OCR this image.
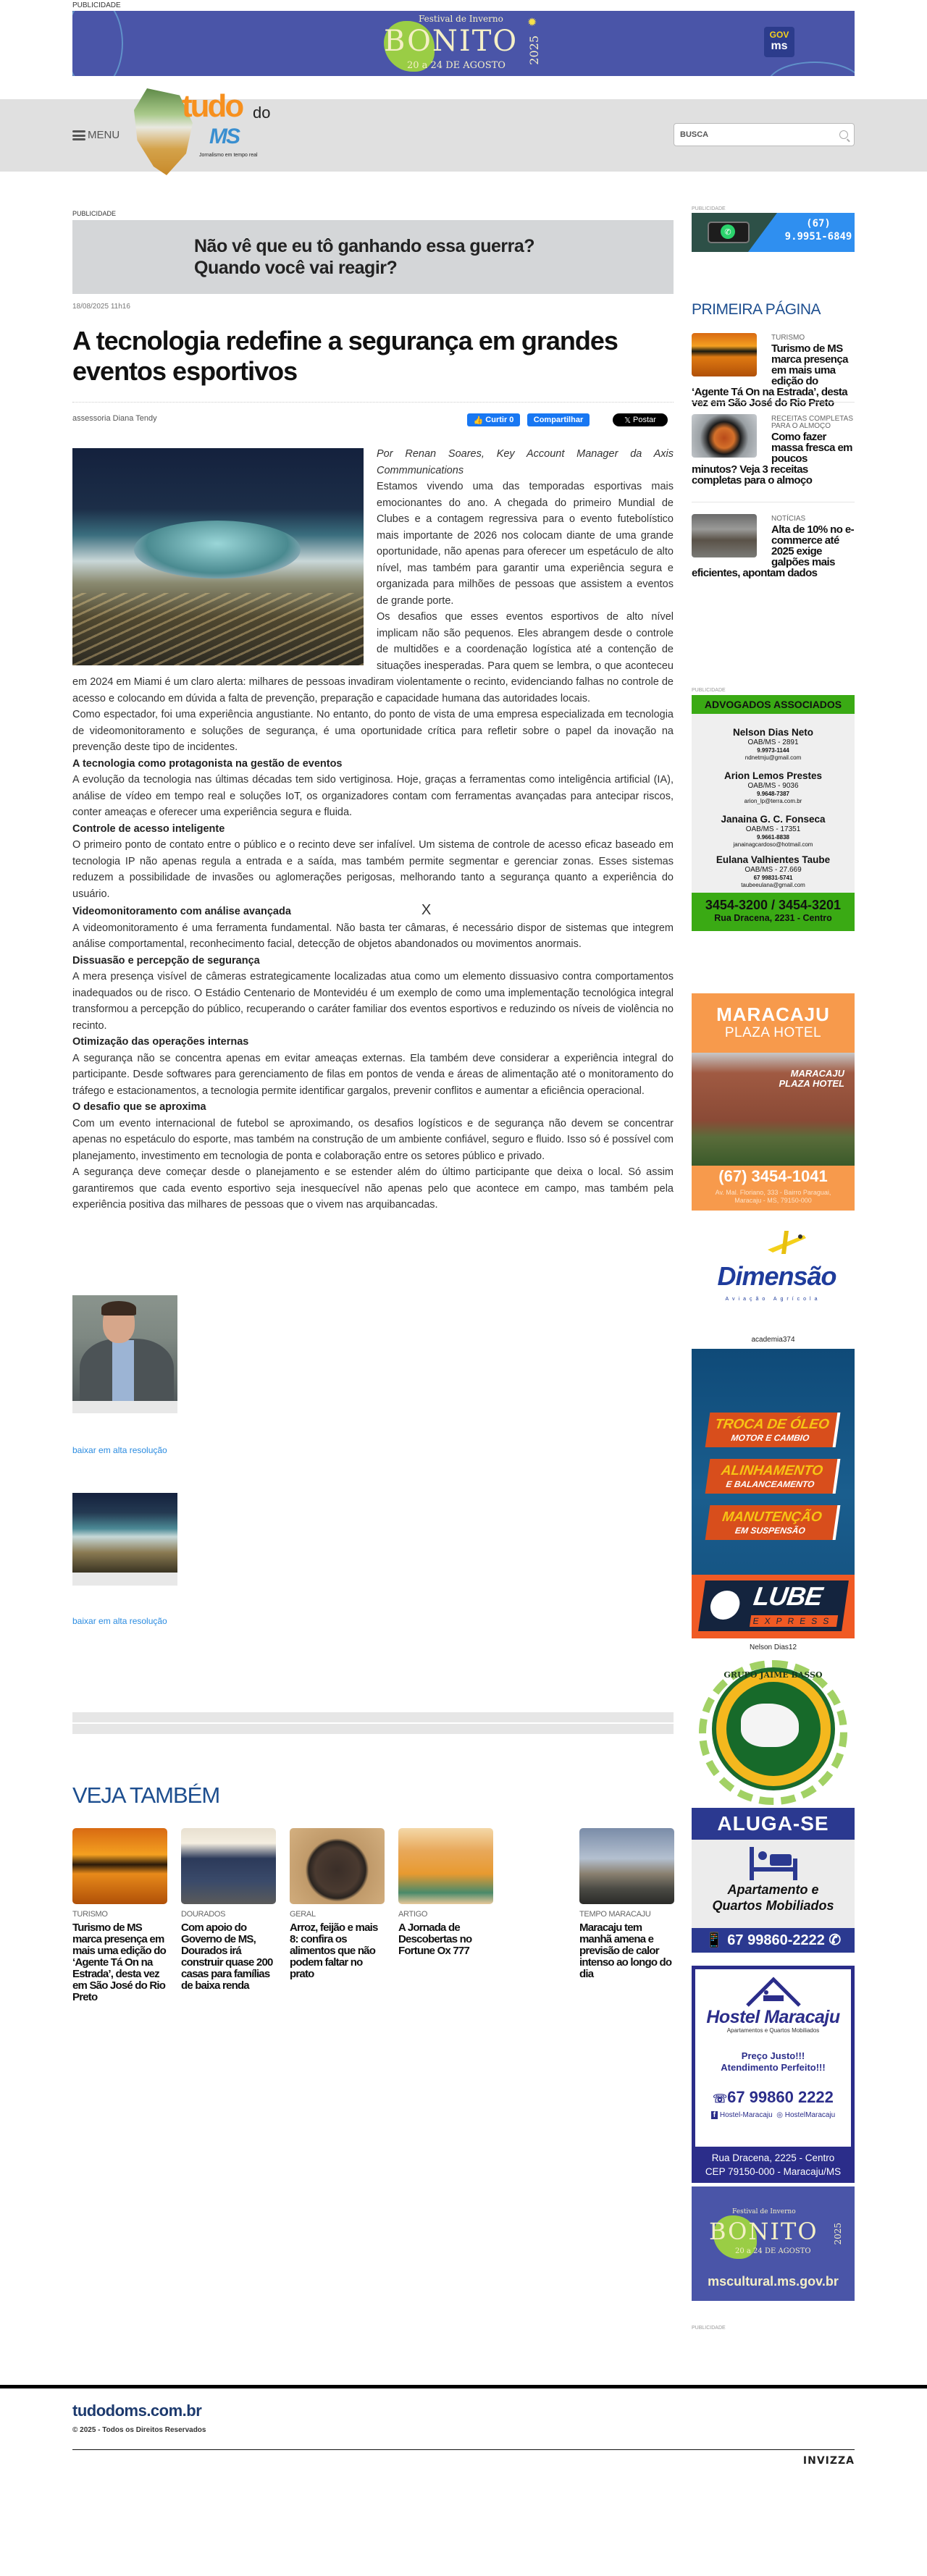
PUBLICIDADE
Festival de Inverno
BONITO
20 a 24 DE AGOSTO
2025
✹
GOV
ms
MENU
tudo do
MS
Jornalismo em tempo real
BUSCA
PUBLICIDADE
Não vê que eu tô ganhando essa guerra?
Quando você vai reagir?
18/08/2025 11h16
A tecnologia redefine a segurança em grandes eventos esportivos
assessoria Diana Tendy	👍 Curtir 0 Compartilhar	𝕏 Postar

Por Renan Soares, Key Account Manager da Axis Commmunications

Estamos vivendo uma das temporadas esportivas mais emocionantes do ano. A chegada do primeiro Mundial de Clubes e a contagem regressiva para o evento futebolístico mais importante de 2026 nos colocam diante de uma grande oportunidade, não apenas para oferecer um espetáculo de alto nível, mas também para garantir uma experiência segura e organizada para milhões de pessoas que assistem a eventos de grande porte.

Os desafios que esses eventos esportivos de alto nível implicam não são pequenos. Eles abrangem desde o controle de multidões e a coordenação logística até a contenção de situações inesperadas. Para quem se lembra, o que aconteceu em 2024 em Miami é um claro alerta: milhares de pessoas invadiram violentamente o recinto, evidenciando falhas no controle de acesso e colocando em dúvida a falta de prevenção, preparação e capacidade humana das autoridades locais.

Como espectador, foi uma experiência angustiante. No entanto, do ponto de vista de uma empresa especializada em tecnologia de videomonitoramento e soluções de segurança, é uma oportunidade crítica para refletir sobre o papel da inovação na prevenção deste tipo de incidentes.

A tecnologia como protagonista na gestão de eventos

A evolução da tecnologia nas últimas décadas tem sido vertiginosa. Hoje, graças a ferramentas como inteligência artificial (IA), análise de vídeo em tempo real e soluções IoT, os organizadores contam com ferramentas avançadas para antecipar riscos, conter ameaças e oferecer uma experiência segura e fluida.

Controle de acesso inteligente

O primeiro ponto de contato entre o público e o recinto deve ser infalível. Um sistema de controle de acesso eficaz baseado em tecnologia IP não apenas regula a entrada e a saída, mas também permite segmentar e gerenciar zonas. Esses sistemas reduzem a possibilidade de invasões ou aglomerações perigosas, melhorando tanto a segurança quanto a experiência do usuário.

Videomonitoramento com análise avançada	X

A videomonitoramento é uma ferramenta fundamental. Não basta ter câmaras, é necessário dispor de sistemas que integrem análise comportamental, reconhecimento facial, detecção de objetos abandonados ou movimentos anormais.

Dissuasão e percepção de segurança

A mera presença visível de câmeras estrategicamente localizadas atua como um elemento dissuasivo contra comportamentos inadequados ou de risco. O Estádio Centenario de Montevidéu é um exemplo de como uma implementação tecnológica integral transformou a percepção do público, recuperando o caráter familiar dos eventos esportivos e reduzindo os níveis de violência no recinto.

Otimização das operações internas

A segurança não se concentra apenas em evitar ameaças externas. Ela também deve considerar a experiência integral do participante. Desde softwares para gerenciamento de filas em pontos de venda e áreas de alimentação até o monitoramento do tráfego e estacionamentos, a tecnologia permite identificar gargalos, prevenir conflitos e aumentar a eficiência operacional.

O desafio que se aproxima

Com um evento internacional de futebol se aproximando, os desafios logísticos e de segurança não devem se concentrar apenas no espetáculo do esporte, mas também na construção de um ambiente confiável, seguro e fluido. Isso só é possível com planejamento, investimento em tecnologia de ponta e colaboração entre os setores público e privado.

A segurança deve começar desde o planejamento e se estender além do último participante que deixa o local. Só assim garantiremos que cada evento esportivo seja inesquecível não apenas pelo que acontece em campo, mas também pela experiência positiva das milhares de pessoas que o vivem nas arquibancadas.

baixar em alta resolução
baixar em alta resolução
VEJA TAMBÉM
TURISMO
Turismo de MS marca presença em mais uma edição do ‘Agente Tá On na Estrada’, desta vez em São José do Rio Preto
DOURADOS
Com apoio do Governo de MS, Dourados irá construir quase 200 casas para famílias de baixa renda
GERAL
Arroz, feijão e mais 8: confira os alimentos que não podem faltar no prato
ARTIGO
A Jornada de Descobertas no Fortune Ox 777
TEMPO MARACAJU
Maracaju tem manhã amena e previsão de calor intenso ao longo do dia
PUBLICIDADE
✆
(67)
9.9951-6849
PRIMEIRA PÁGINA
TURISMO
Turismo de MS marca presença em mais uma edição do ‘Agente Tá On na Estrada’, desta vez em São José do Rio Preto
RECEITAS COMPLETAS PARA O ALMOÇO
Como fazer massa fresca em poucos minutos? Veja 3 receitas completas para o almoço
NOTÍCIAS
Alta de 10% no e-commerce até 2025 exige galpões mais eficientes, apontam dados
PUBLICIDADE
ADVOGADOS ASSOCIADOS
Nelson Dias Neto
OAB/MS - 2891
9.9973-1144
ndnetmju@gmail.com
Arion Lemos Prestes
OAB/MS - 9036
9.9648-7387
arion_lp@terra.com.br
Janaina G. C. Fonseca
OAB/MS - 17351
9.9661-8838
janainagcardoso@hotmail.com
Eulana Valhientes Taube
OAB/MS - 27.669
67 99831-5741
taubeeulana@gmail.com
3454-3200 / 3454-3201
Rua Dracena, 2231 - Centro
MARACAJU
PLAZA HOTEL
MARACAJU
PLAZA HOTEL
(67) 3454-1041
Av. Mal. Floriano, 333 - Bairro Paraguai,
Maracaju - MS, 79150-000
Dimensão
Aviação Agrícola
academia374
TROCA DE ÓLEO
MOTOR E CAMBIO
ALINHAMENTO
E BALANCEAMENTO
MANUTENÇÃO
EM SUSPENSÃO
LUBE
EXPRESS
Nelson Dias12
GRUPO JAIME BASSO
ALUGA-SE
Apartamento e
Quartos Mobiliados
📱 67 99860-2222 ✆
Hostel Maracaju
Apartamentos e Quartos Mobiliados
Preço Justo!!!
Atendimento Perfeito!!!
☏67 99860 2222
f Hostel-Maracaju ◎ HostelMaracaju
Rua Dracena, 2225 - Centro
CEP 79150-000 - Maracaju/MS
Festival de Inverno
BONITO
20 a 24 DE AGOSTO
2025
mscultural.ms.gov.br
PUBLICIDADE
tudodoms.com.br
© 2025 - Todos os Direitos Reservados
INVIZZA
